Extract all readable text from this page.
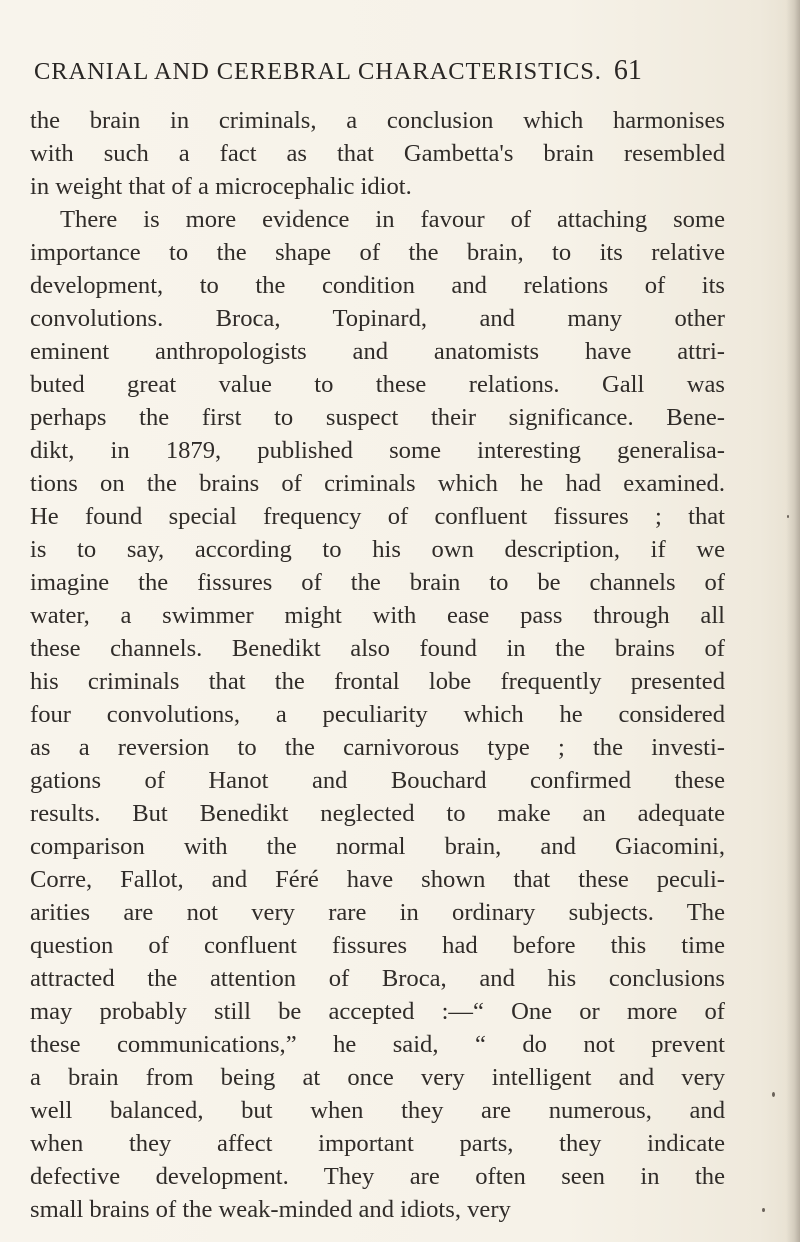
CRANIAL AND CEREBRAL CHARACTERISTICS. 61
the brain in criminals, a conclusion which harmonises
with such a fact as that Gambetta's brain resembled
in weight that of a microcephalic idiot.
There is more evidence in favour of attaching some
importance to the shape of the brain, to its relative
development, to the condition and relations of its
convolutions. Broca, Topinard, and many other
eminent anthropologists and anatomists have attri-
buted great value to these relations. Gall was
perhaps the first to suspect their significance. Bene-
dikt, in 1879, published some interesting generalisa-
tions on the brains of criminals which he had examined.
He found special frequency of confluent fissures ; that
is to say, according to his own description, if we
imagine the fissures of the brain to be channels of
water, a swimmer might with ease pass through all
these channels. Benedikt also found in the brains of
his criminals that the frontal lobe frequently presented
four convolutions, a peculiarity which he considered
as a reversion to the carnivorous type ; the investi-
gations of Hanot and Bouchard confirmed these
results. But Benedikt neglected to make an adequate
comparison with the normal brain, and Giacomini,
Corre, Fallot, and Féré have shown that these peculi-
arities are not very rare in ordinary subjects. The
question of confluent fissures had before this time
attracted the attention of Broca, and his conclusions
may probably still be accepted :—“ One or more of
these communications,” he said, “ do not prevent
a brain from being at once very intelligent and very
well balanced, but when they are numerous, and
when they affect important parts, they indicate
defective development. They are often seen in the
small brains of the weak-minded and idiots, very
